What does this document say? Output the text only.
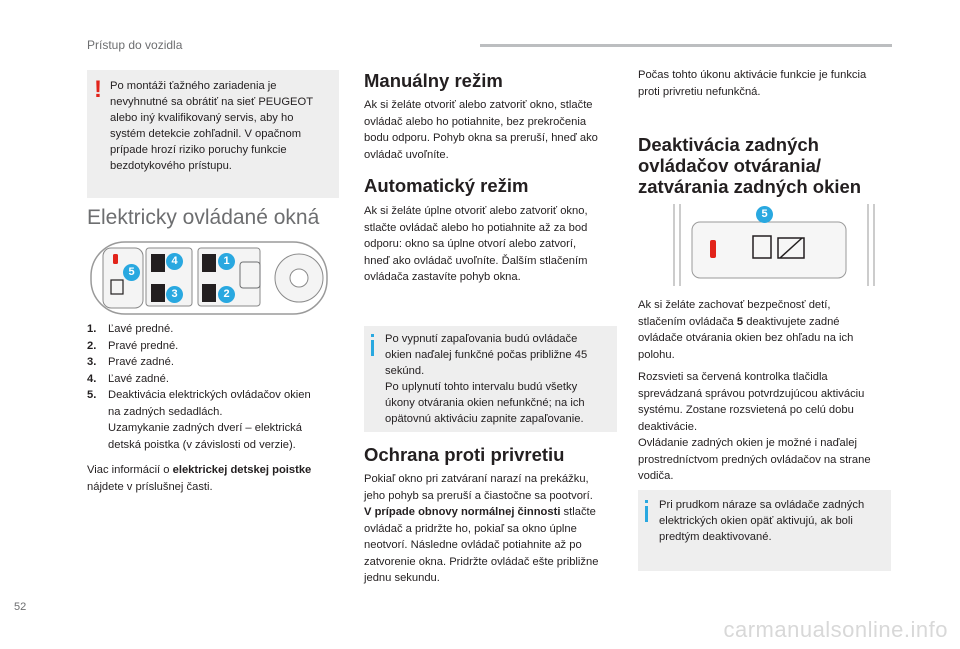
Prístup do vozidla
! Po montáži ťažného zariadenia je
nevyhnutné sa obrátiť na sieť PEUGEOT
alebo iný kvalifikovaný servis, aby ho
systém detekcie zohľadnil. V opačnom
prípade hrozí riziko poruchy funkcie
bezdotykového prístupu.
Elektricky ovládané okná
5
4	1
3	2
1.	Ľavé predné.
2.	Pravé predné.
3.	Pravé zadné.
4.	Ľavé zadné.
5.	Deaktivácia elektrických ovládačov okien
na zadných sedadlách.
Uzamykanie zadných dverí – elektrická
detská poistka (v závislosti od verzie).
Viac informácií o elektrickej detskej poistke
nájdete v príslušnej časti.
Manuálny režim
Ak si želáte otvoriť alebo zatvoriť okno, stlačte
ovládač alebo ho potiahnite, bez prekročenia
bodu odporu. Pohyb okna sa preruší, hneď ako
ovládač uvoľníte.
Automatický režim
Ak si želáte úplne otvoriť alebo zatvoriť okno,
stlačte ovládač alebo ho potiahnite až za bod
odporu: okno sa úplne otvorí alebo zatvorí,
hneď ako ovládač uvoľníte. Ďalším stlačením
ovládača zastavíte pohyb okna.
Po vypnutí zapaľovania budú ovládače
okien naďalej funkčné počas približne 45
sekúnd.
Po uplynutí tohto intervalu budú všetky
úkony otvárania okien nefunkčné; na ich
opätovnú aktiváciu zapnite zapaľovanie.
Ochrana proti privretiu
Pokiaľ okno pri zatváraní narazí na prekážku,
jeho pohyb sa preruší a čiastočne sa pootvorí.
V prípade obnovy normálnej činnosti stlačte
ovládač a pridržte ho, pokiaľ sa okno úplne
neotvorí. Následne ovládač potiahnite až po
zatvorenie okna. Pridržte ovládač ešte približne
jednu sekundu.
Počas tohto úkonu aktivácie funkcie je funkcia
proti privretiu nefunkčná.
Deaktivácia zadných
ovládačov otvárania/
zatvárania zadných okien
5
Ak si želáte zachovať bezpečnosť detí,
stlačením ovládača 5 deaktivujete zadné
ovládače otvárania okien bez ohľadu na ich
polohu.
Rozsvieti sa červená kontrolka tlačidla
sprevádzaná správou potvrdzujúcou aktiváciu
systému. Zostane rozsvietená po celú dobu
deaktivácie.
Ovládanie zadných okien je možné i naďalej
prostredníctvom predných ovládačov na strane
vodiča.
Pri prudkom náraze sa ovládače zadných
elektrických okien opäť aktivujú, ak boli
predtým deaktivované.
52
carmanualsonline.info
